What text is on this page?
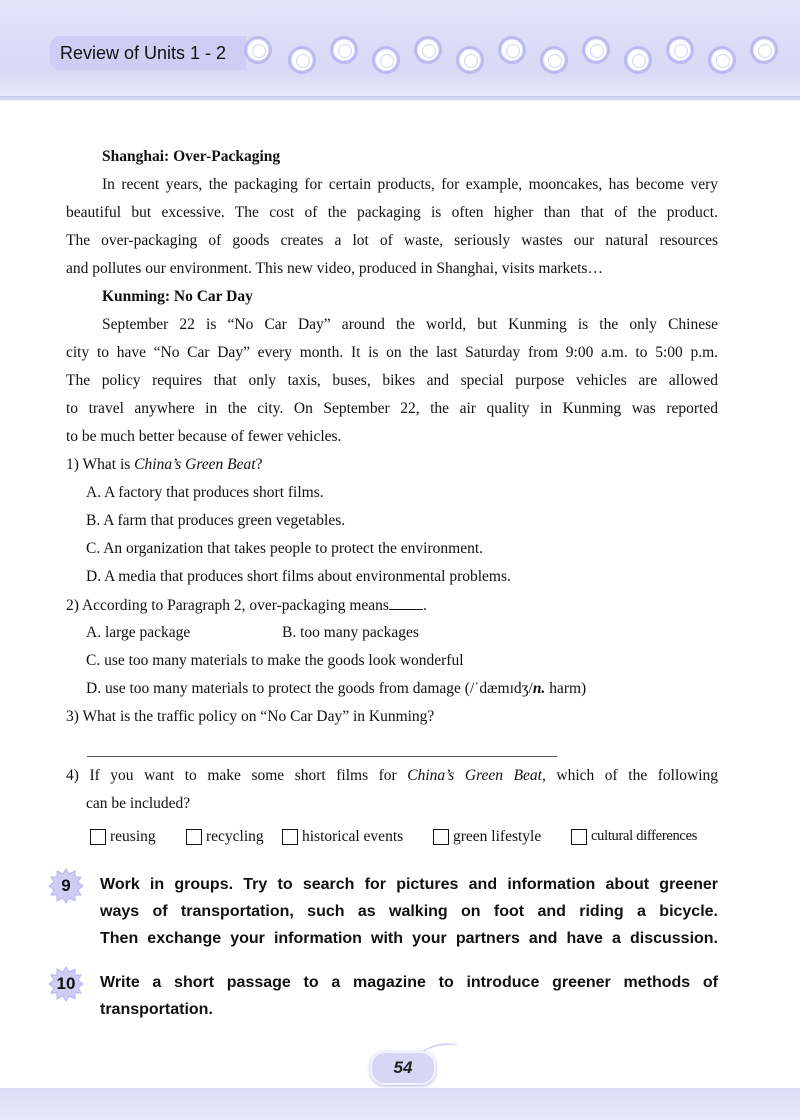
Review of Units 1 - 2
Shanghai: Over-Packaging
In recent years, the packaging for certain products, for example, mooncakes, has become very
beautiful but excessive. The cost of the packaging is often higher than that of the product.
The over-packaging of goods creates a lot of waste, seriously wastes our natural resources
and pollutes our environment. This new video, produced in Shanghai, visits markets…
Kunming: No Car Day
September 22 is “No Car Day” around the world, but Kunming is the only Chinese
city to have “No Car Day” every month. It is on the last Saturday from 9:00 a.m. to 5:00 p.m.
The policy requires that only taxis, buses, bikes and special purpose vehicles are allowed
to travel anywhere in the city. On September 22, the air quality in Kunming was reported
to be much better because of fewer vehicles.
1) What is China’s Green Beat?
A. A factory that produces short films.
B. A farm that produces green vegetables.
C. An organization that takes people to protect the environment.
D. A media that produces short films about environmental problems.
2) According to Paragraph 2, over-packaging means .
A. large package	B. too many packages
C. use too many materials to make the goods look wonderful
D. use too many materials to protect the goods from damage (/ˈdæmɪdʒ/n. harm)
3) What is the traffic policy on “No Car Day” in Kunming?
4) If you want to make some short films for China’s Green Beat, which of the following
can be included?
reusing	recycling historical events	green lifestyle	cultural differences
9 Work in groups. Try to search for pictures and information about greener
ways of transportation, such as walking on foot and riding a bicycle.
Then exchange your information with your partners and have a discussion.
10 Write a short passage to a magazine to introduce greener methods of
transportation.
54
